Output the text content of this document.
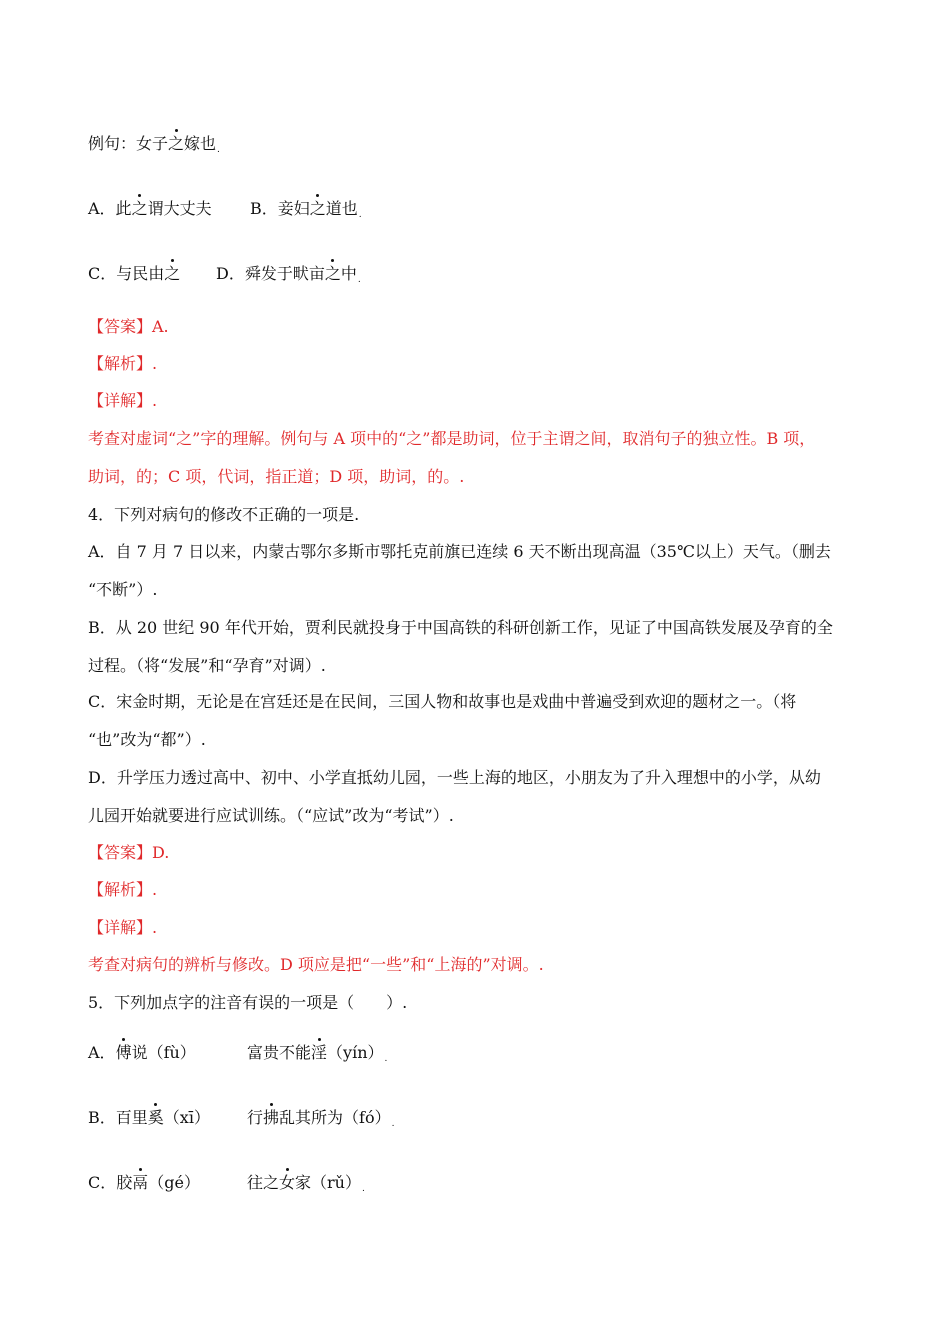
例句：女子之嫁也.
A．此之谓大丈夫 B．妾妇之道也.
C．与民由之 D．舜发于畎亩之中.
【答案】A.
【解析】.
【详解】.
考查对虚词“之”字的理解。例句与 A 项中的“之”都是助词，位于主谓之间，取消句子的独立性。B 项，
助词，的；C 项，代词，指正道；D 项，助词，的。.
4．下列对病句的修改不正确的一项是.
A．自 7 月 7 日以来，内蒙古鄂尔多斯市鄂托克前旗已连续 6 天不断出现高温（35℃以上）天气。（删去
“不断”）.
B．从 20 世纪 90 年代开始，贾利民就投身于中国高铁的科研创新工作，见证了中国高铁发展及孕育的全
过程。（将“发展”和“孕育”对调）.
C．宋金时期，无论是在宫廷还是在民间，三国人物和故事也是戏曲中普遍受到欢迎的题材之一。（将
“也”改为“都”）.
D．升学压力透过高中、初中、小学直抵幼儿园，一些上海的地区，小朋友为了升入理想中的小学，从幼
儿园开始就要进行应试训练。（“应试”改为“考试”）.
【答案】D.
【解析】.
【详解】.
考查对病句的辨析与修改。D 项应是把“一些”和“上海的”对调。.
5．下列加点字的注音有误的一项是（　　）.
A．傅说（fù）	富贵不能淫（yín）.
B．百里奚（xī） 行拂乱其所为（fó）.
C．胶鬲（gé）	往之女家（rǔ）.
